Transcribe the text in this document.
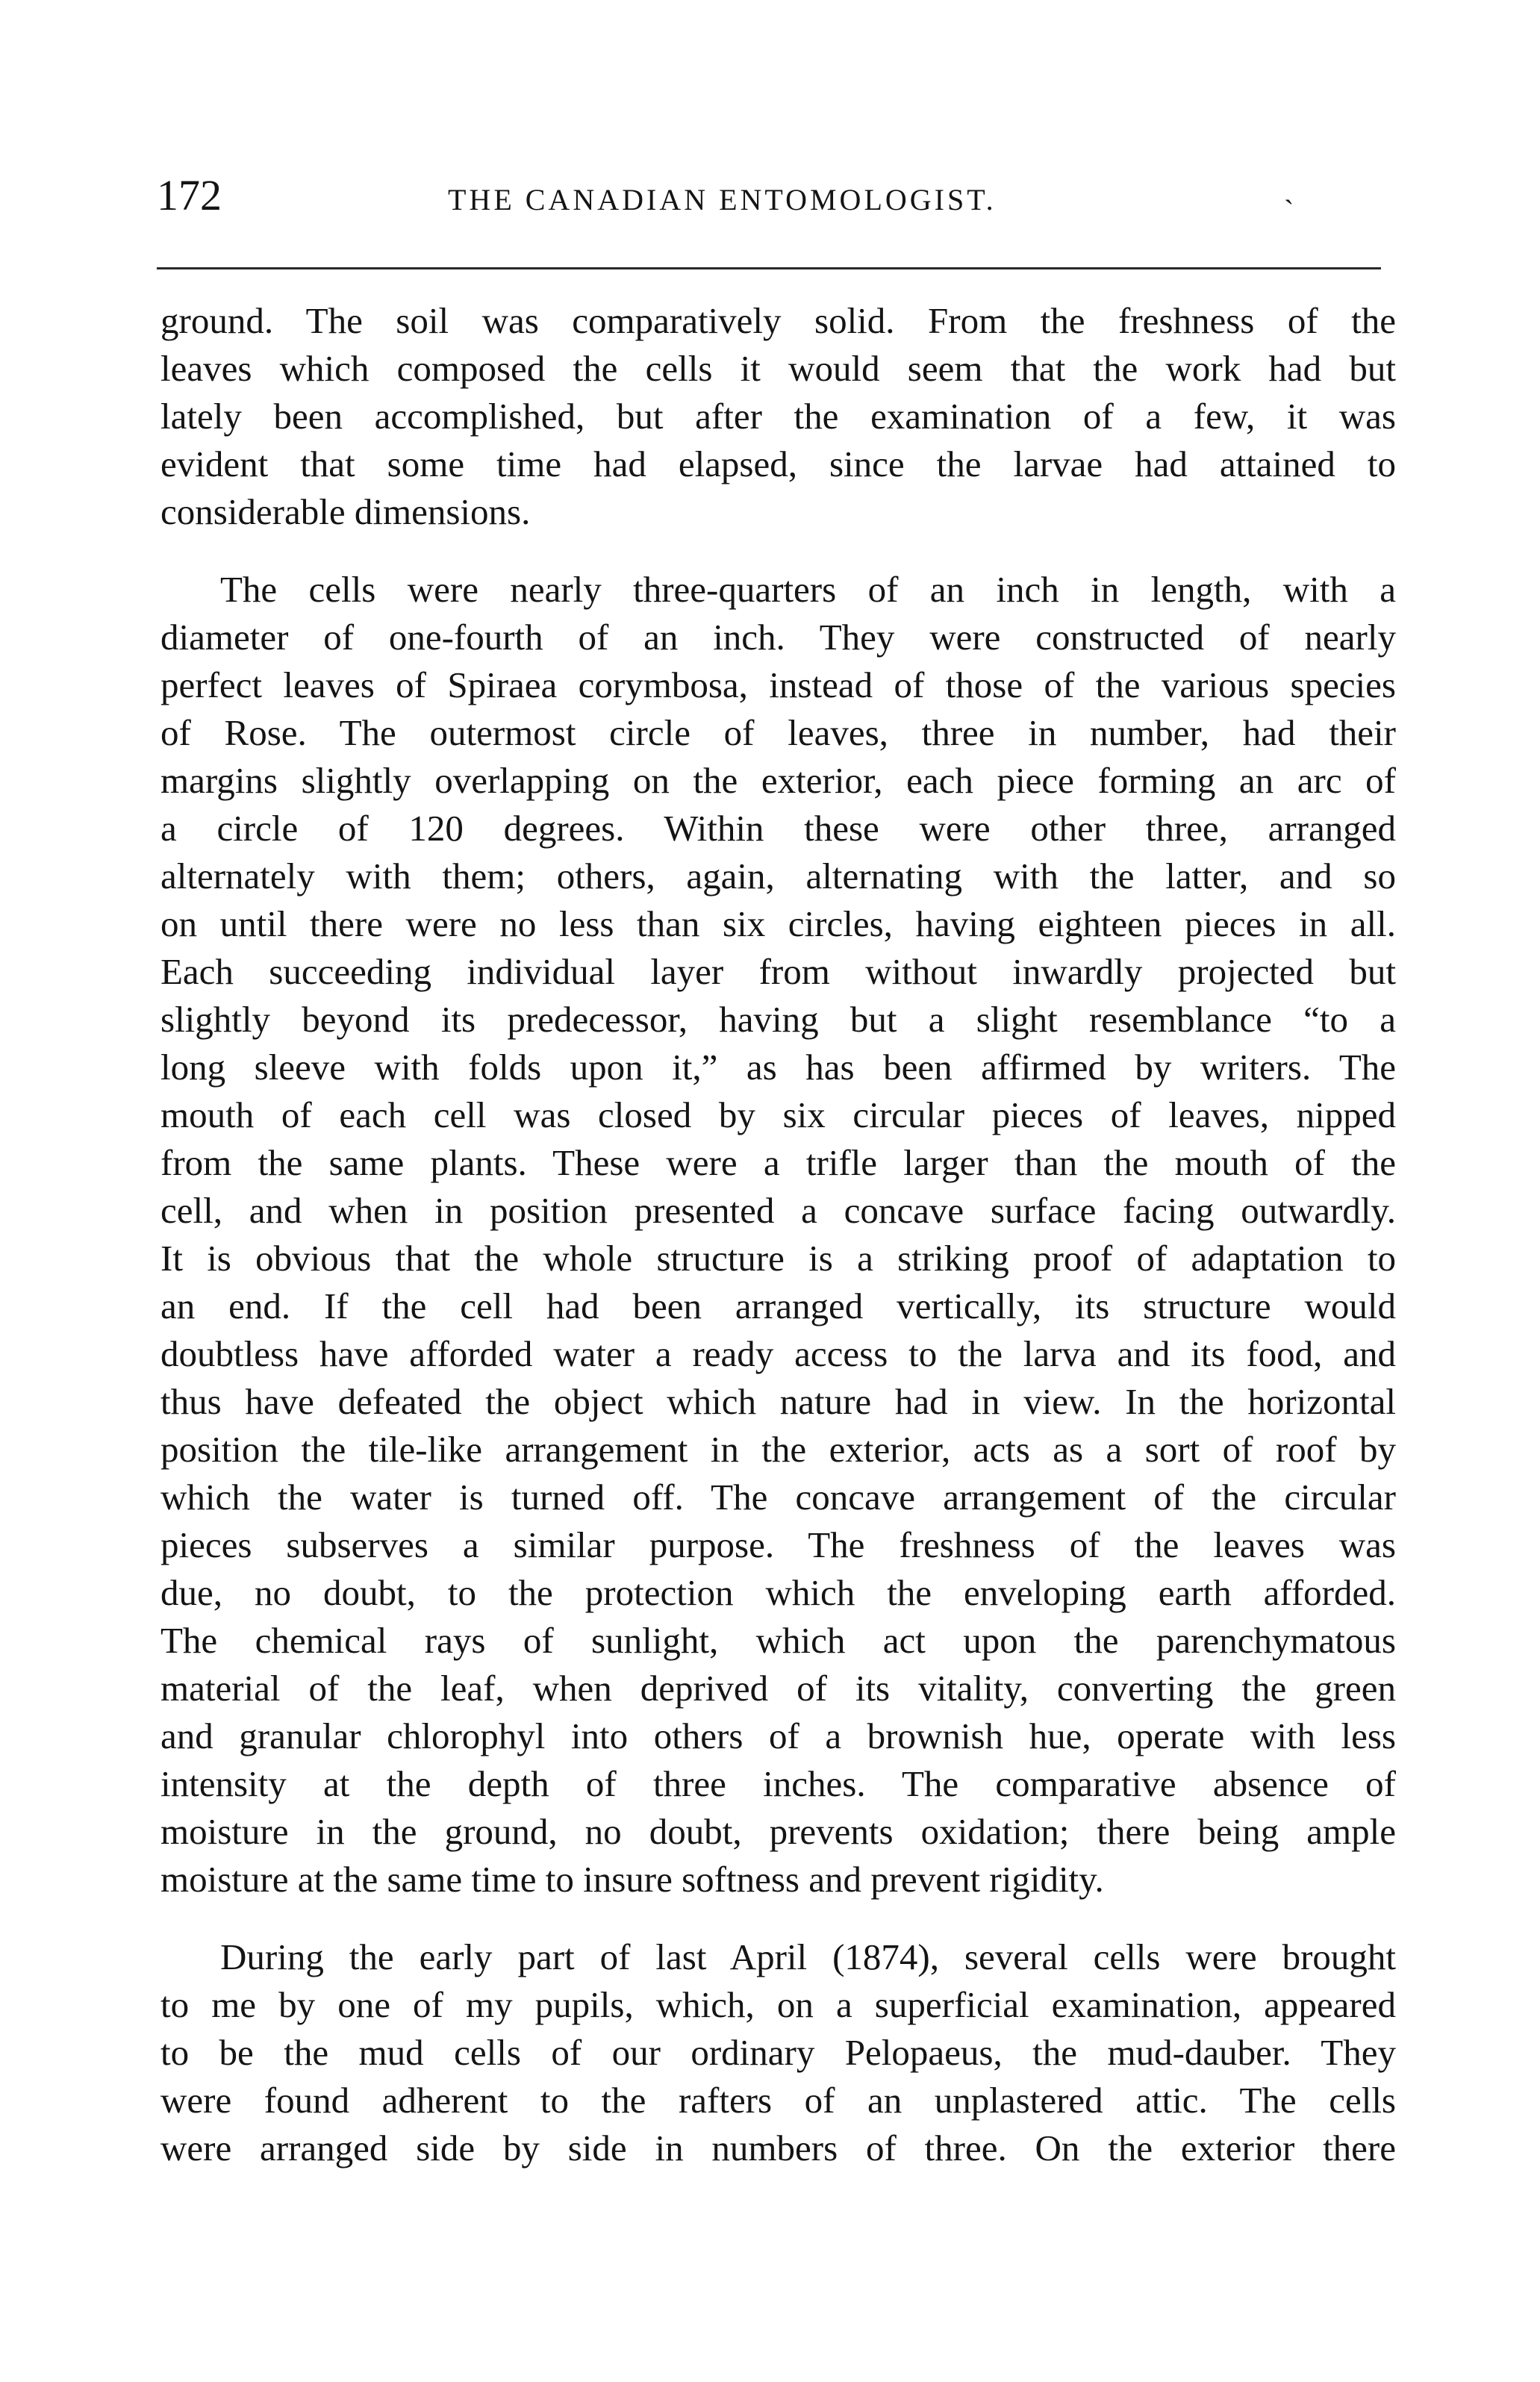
172	THE CANADIAN ENTOMOLOGIST.	ˎ
ground. The soil was comparatively solid. From the freshness of the
leaves which composed the cells it would seem that the work had but
lately been accomplished, but after the examination of a few, it was
evident that some time had elapsed, since the larvae had attained to
considerable dimensions.
The cells were nearly three-quarters of an inch in length, with a
diameter of one-fourth of an inch. They were constructed of nearly
perfect leaves of Spiraea corymbosa, instead of those of the various species
of Rose. The outermost circle of leaves, three in number, had their
margins slightly overlapping on the exterior, each piece forming an arc of
a circle of 120 degrees. Within these were other three, arranged
alternately with them; others, again, alternating with the latter, and so
on until there were no less than six circles, having eighteen pieces in all.
Each succeeding individual layer from without inwardly projected but
slightly beyond its predecessor, having but a slight resemblance “to a
long sleeve with folds upon it,” as has been affirmed by writers. The
mouth of each cell was closed by six circular pieces of leaves, nipped
from the same plants. These were a trifle larger than the mouth of the
cell, and when in position presented a concave surface facing outwardly.
It is obvious that the whole structure is a striking proof of adaptation to
an end. If the cell had been arranged vertically, its structure would
doubtless have afforded water a ready access to the larva and its food, and
thus have defeated the object which nature had in view. In the horizontal
position the tile-like arrangement in the exterior, acts as a sort of roof by
which the water is turned off. The concave arrangement of the circular
pieces subserves a similar purpose. The freshness of the leaves was
due, no doubt, to the protection which the enveloping earth afforded.
The chemical rays of sunlight, which act upon the parenchymatous
material of the leaf, when deprived of its vitality, converting the green
and granular chlorophyl into others of a brownish hue, operate with less
intensity at the depth of three inches. The comparative absence of
moisture in the ground, no doubt, prevents oxidation; there being ample
moisture at the same time to insure softness and prevent rigidity.
During the early part of last April (1874), several cells were brought
to me by one of my pupils, which, on a superficial examination, appeared
to be the mud cells of our ordinary Pelopaeus, the mud-dauber. They
were found adherent to the rafters of an unplastered attic. The cells
were arranged side by side in numbers of three. On the exterior there
